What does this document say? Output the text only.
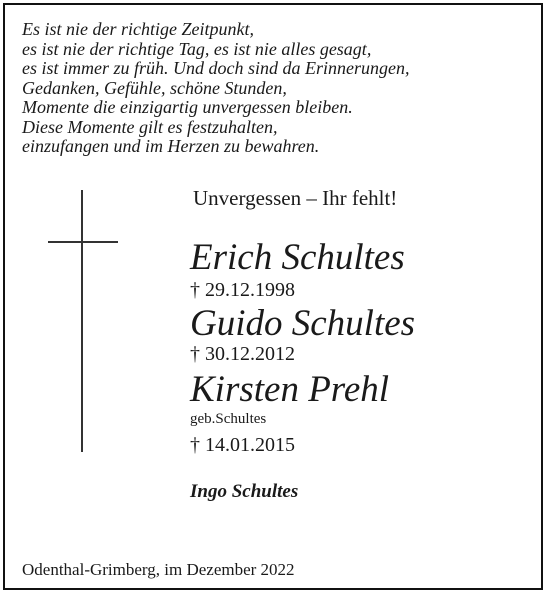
Es ist nie der richtige Zeitpunkt,
es ist nie der richtige Tag, es ist nie alles gesagt,
es ist immer zu früh. Und doch sind da Erinnerungen,
Gedanken, Gefühle, schöne Stunden,
Momente die einzigartig unvergessen bleiben.
Diese Momente gilt es festzuhalten,
einzufangen und im Herzen zu bewahren.
Unvergessen – Ihr fehlt!
Erich Schultes
† 29.12.1998
Guido Schultes
† 30.12.2012
Kirsten Prehl
geb.Schultes
† 14.01.2015
Ingo Schultes
Odenthal-Grimberg, im Dezember 2022
